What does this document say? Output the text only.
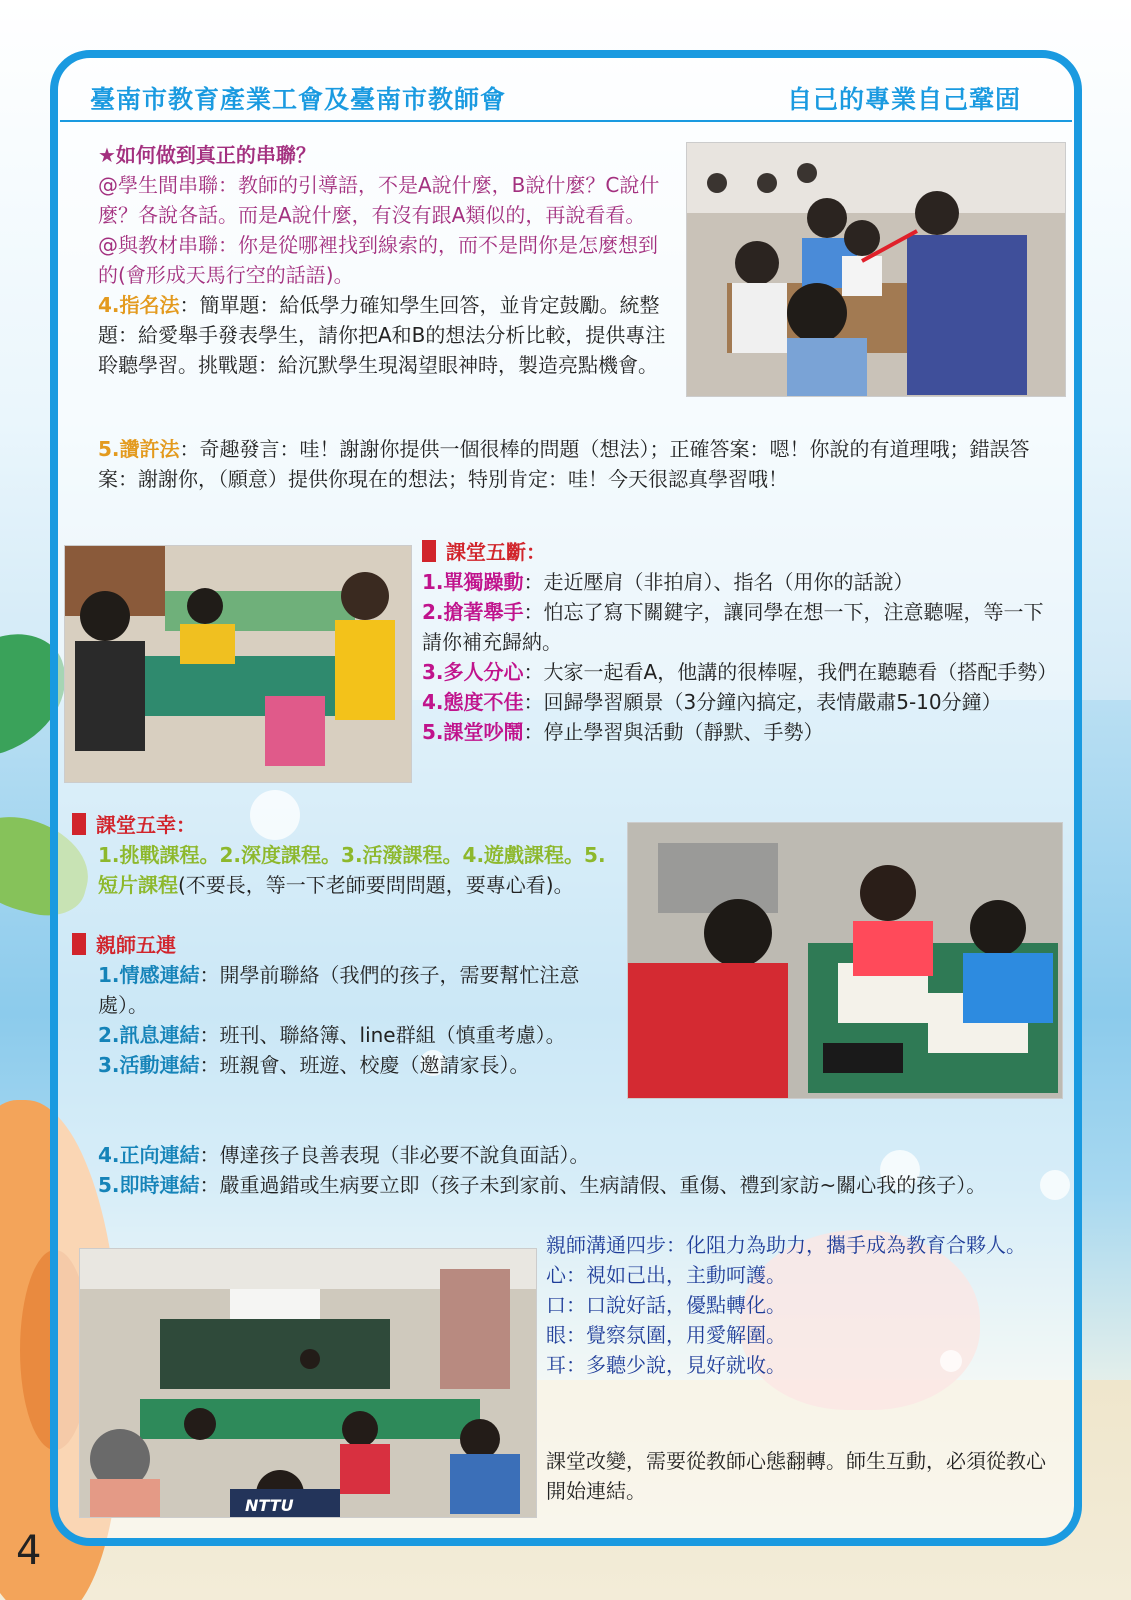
臺南市教育產業工會及臺南市教師會	自己的專業自己鞏固

★如何做到真正的串聯？

@學生間串聯：教師的引導語，不是A說什麼，B說什麼？C說什麼？各說各話。而是A說什麼，有沒有跟A類似的，再說看看。

@與教材串聯：你是從哪裡找到線索的，而不是問你是怎麼想到的(會形成天馬行空的話語)。

4.指名法：簡單題：給低學力確知學生回答，並肯定鼓勵。統整題：給愛舉手發表學生，請你把A和B的想法分析比較，提供專注聆聽學習。挑戰題：給沉默學生現渴望眼神時，製造亮點機會。

5.讚許法：奇趣發言：哇！謝謝你提供一個很棒的問題（想法）；正確答案：嗯！你說的有道理哦；錯誤答案：謝謝你，（願意）提供你現在的想法；特別肯定：哇！今天很認真學習哦！

課堂五斷：

1.單獨躁動：走近壓肩（非拍肩）、指名（用你的話說）

2.搶著舉手：怕忘了寫下關鍵字，讓同學在想一下，注意聽喔，等一下請你補充歸納。

3.多人分心：大家一起看A，他講的很棒喔，我們在聽聽看（搭配手勢）

4.態度不佳：回歸學習願景（3分鐘內搞定，表情嚴肅5-10分鐘）

5.課堂吵鬧：停止學習與活動（靜默、手勢）

課堂五幸：

1.挑戰課程。2.深度課程。3.活潑課程。4.遊戲課程。5.短片課程(不要長，等一下老師要問問題，要專心看)。

親師五連

1.情感連結：開學前聯絡（我們的孩子，需要幫忙注意處）。

2.訊息連結：班刊、聯絡簿、line群組（慎重考慮）。

3.活動連結：班親會、班遊、校慶（邀請家長）。

4.正向連結：傳達孩子良善表現（非必要不說負面話）。

5.即時連結：嚴重過錯或生病要立即（孩子未到家前、生病請假、重傷、禮到家訪~關心我的孩子）。

NTTU

親師溝通四步：化阻力為助力，攜手成為教育合夥人。

心：視如己出，主動呵護。

口：口說好話，優點轉化。

眼：覺察氛圍，用愛解圍。

耳：多聽少說，見好就收。

課堂改變，需要從教師心態翻轉。師生互動，必須從教心開始連結。

4
